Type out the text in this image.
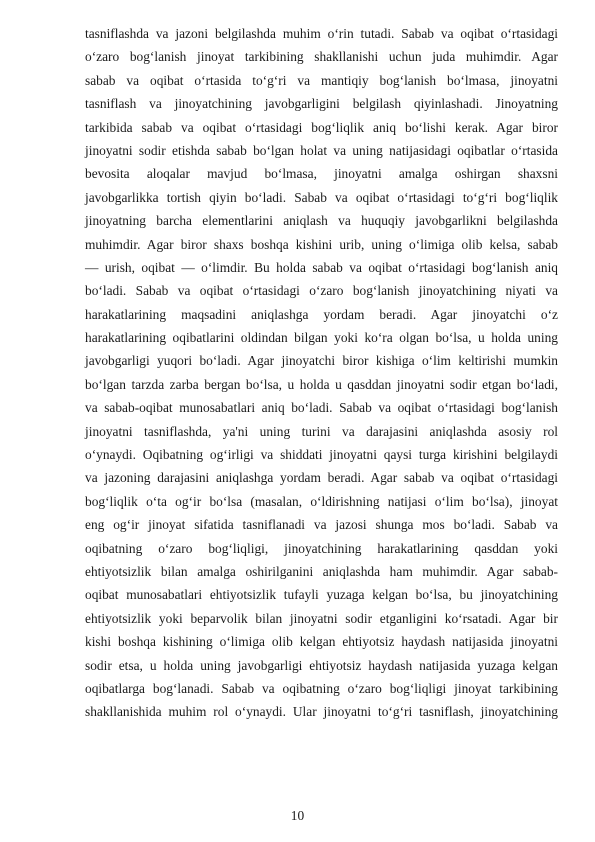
tasniflashda va jazoni belgilashda muhim o‘rin tutadi. Sabab va oqibat o‘rtasidagi
o‘zaro bog‘lanish jinoyat tarkibining shakllanishi uchun juda muhimdir. Agar
sabab va oqibat o‘rtasida to‘g‘ri va mantiqiy bog‘lanish bo‘lmasa, jinoyatni
tasniflash va jinoyatchining javobgarligini belgilash qiyinlashadi. Jinoyatning
tarkibida sabab va oqibat o‘rtasidagi bog‘liqlik aniq bo‘lishi kerak. Agar biror
jinoyatni sodir etishda sabab bo‘lgan holat va uning natijasidagi oqibatlar o‘rtasida
bevosita aloqalar mavjud bo‘lmasa, jinoyatni amalga oshirgan shaxsni
javobgarlikka tortish qiyin bo‘ladi. Sabab va oqibat o‘rtasidagi to‘g‘ri bog‘liqlik
jinoyatning barcha elementlarini aniqlash va huquqiy javobgarlikni belgilashda
muhimdir. Agar biror shaxs boshqa kishini urib, uning o‘limiga olib kelsa, sabab
— urish, oqibat — o‘limdir. Bu holda sabab va oqibat o‘rtasidagi bog‘lanish aniq
bo‘ladi. Sabab va oqibat o‘rtasidagi o‘zaro bog‘lanish jinoyatchining niyati va
harakatlarining maqsadini aniqlashga yordam beradi. Agar jinoyatchi o‘z
harakatlarining oqibatlarini oldindan bilgan yoki ko‘ra olgan bo‘lsa, u holda uning
javobgarligi yuqori bo‘ladi. Agar jinoyatchi biror kishiga o‘lim keltirishi mumkin
bo‘lgan tarzda zarba bergan bo‘lsa, u holda u qasddan jinoyatni sodir etgan bo‘ladi,
va sabab-oqibat munosabatlari aniq bo‘ladi. Sabab va oqibat o‘rtasidagi bog‘lanish
jinoyatni tasniflashda, ya'ni uning turini va darajasini aniqlashda asosiy rol
o‘ynaydi. Oqibatning og‘irligi va shiddati jinoyatni qaysi turga kirishini belgilaydi
va jazoning darajasini aniqlashga yordam beradi. Agar sabab va oqibat o‘rtasidagi
bog‘liqlik o‘ta og‘ir bo‘lsa (masalan, o‘ldirishning natijasi o‘lim bo‘lsa), jinoyat
eng og‘ir jinoyat sifatida tasniflanadi va jazosi shunga mos bo‘ladi. Sabab va
oqibatning o‘zaro bog‘liqligi, jinoyatchining harakatlarining qasddan yoki
ehtiyotsizlik bilan amalga oshirilganini aniqlashda ham muhimdir. Agar sabab-
oqibat munosabatlari ehtiyotsizlik tufayli yuzaga kelgan bo‘lsa, bu jinoyatchining
ehtiyotsizlik yoki beparvolik bilan jinoyatni sodir etganligini ko‘rsatadi. Agar bir
kishi boshqa kishining o‘limiga olib kelgan ehtiyotsiz haydash natijasida jinoyatni
sodir etsa, u holda uning javobgarligi ehtiyotsiz haydash natijasida yuzaga kelgan
oqibatlarga bog‘lanadi. Sabab va oqibatning o‘zaro bog‘liqligi jinoyat tarkibining
shakllanishida muhim rol o‘ynaydi. Ular jinoyatni to‘g‘ri tasniflash, jinoyatchining
10
